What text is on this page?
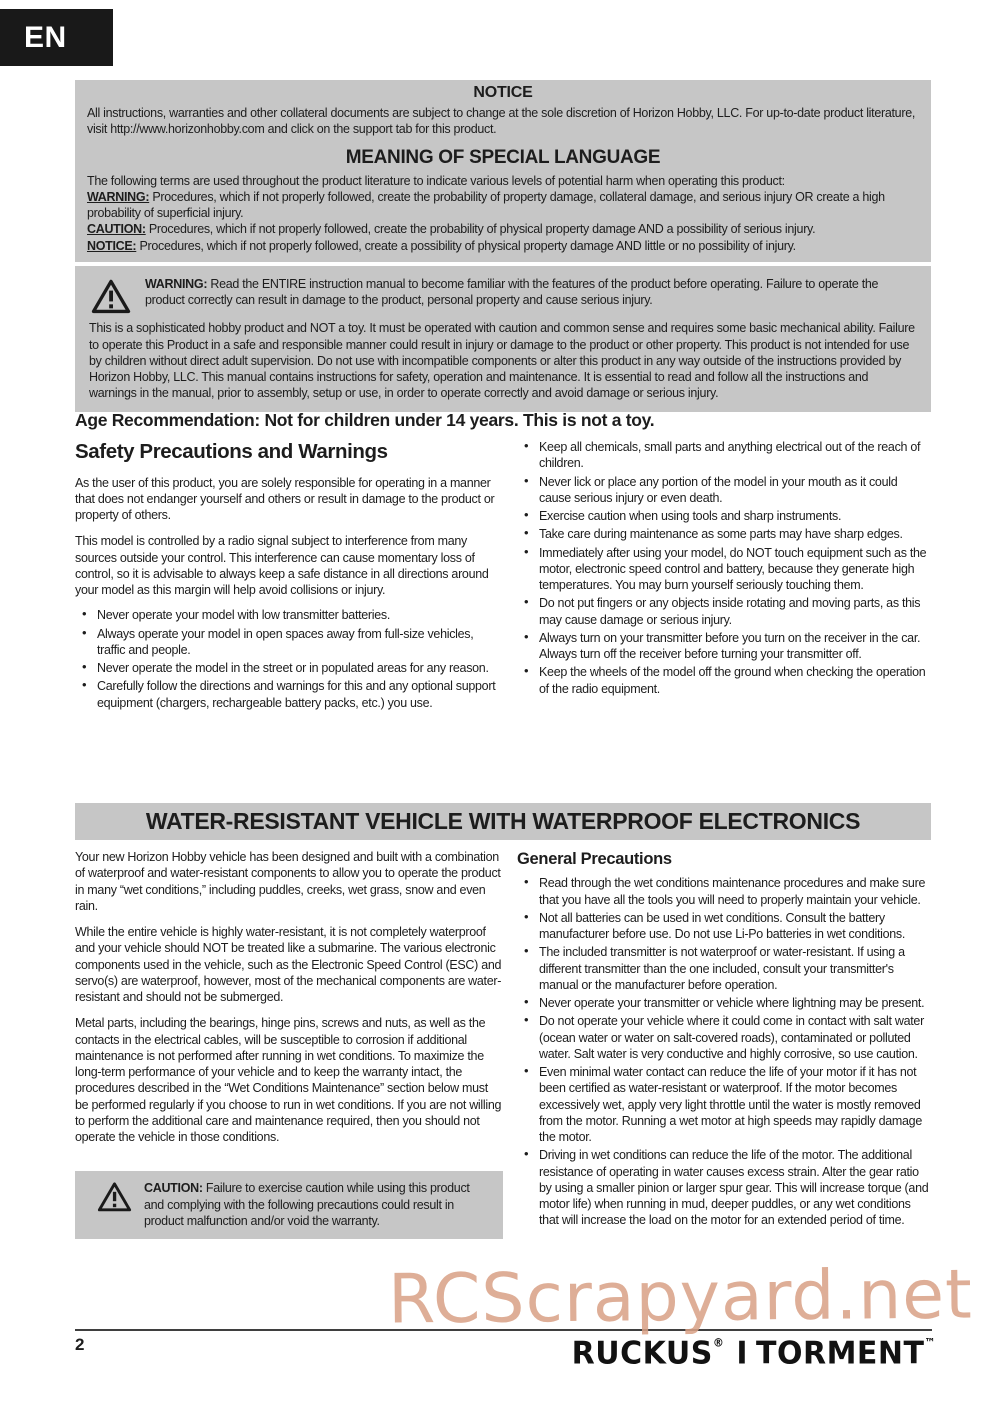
EN
NOTICE
All instructions, warranties and other collateral documents are subject to change at the sole discretion of Horizon Hobby, LLC. For up-to-date product literature, visit http://www.horizonhobby.com and click on the support tab for this product.
MEANING OF SPECIAL LANGUAGE
The following terms are used throughout the product literature to indicate various levels of potential harm when operating this product:
WARNING: Procedures, which if not properly followed, create the probability of property damage, collateral damage, and serious injury OR create a high probability of superficial injury.
CAUTION: Procedures, which if not properly followed, create the probability of physical property damage AND a possibility of serious injury.
NOTICE: Procedures, which if not properly followed, create a possibility of physical property damage AND little or no possibility of injury.
WARNING: Read the ENTIRE instruction manual to become familiar with the features of the product before operating. Failure to operate the product correctly can result in damage to the product, personal property and cause serious injury.
This is a sophisticated hobby product and NOT a toy. It must be operated with caution and common sense and requires some basic mechanical ability. Failure to operate this Product in a safe and responsible manner could result in injury or damage to the product or other property. This product is not intended for use by children without direct adult supervision. Do not use with incompatible components or alter this product in any way outside of the instructions provided by Horizon Hobby, LLC. This manual contains instructions for safety, operation and maintenance. It is essential to read and follow all the instructions and warnings in the manual, prior to assembly, setup or use, in order to operate correctly and avoid damage or serious injury.
Age Recommendation: Not for children under 14 years. This is not a toy.
Safety Precautions and Warnings
As the user of this product, you are solely responsible for operating in a manner that does not endanger yourself and others or result in damage to the product or property of others.
This model is controlled by a radio signal subject to interference from many sources outside your control. This interference can cause momentary loss of control, so it is advisable to always keep a safe distance in all directions around your model as this margin will help avoid collisions or injury.
• Never operate your model with low transmitter batteries.
• Always operate your model in open spaces away from full-size vehicles, traffic and people.
• Never operate the model in the street or in populated areas for any reason.
• Carefully follow the directions and warnings for this and any optional support equipment (chargers, rechargeable battery packs, etc.) you use.
• Keep all chemicals, small parts and anything electrical out of the reach of children.
• Never lick or place any portion of the model in your mouth as it could cause serious injury or even death.
• Exercise caution when using tools and sharp instruments.
• Take care during maintenance as some parts may have sharp edges.
• Immediately after using your model, do NOT touch equipment such as the motor, electronic speed control and battery, because they generate high temperatures. You may burn yourself seriously touching them.
• Do not put fingers or any objects inside rotating and moving parts, as this may cause damage or serious injury.
• Always turn on your transmitter before you turn on the receiver in the car. Always turn off the receiver before turning your transmitter off.
• Keep the wheels of the model off the ground when checking the operation of the radio equipment.
WATER-RESISTANT VEHICLE WITH WATERPROOF ELECTRONICS
Your new Horizon Hobby vehicle has been designed and built with a combination of waterproof and water-resistant components to allow you to operate the product in many “wet conditions,” including puddles, creeks, wet grass, snow and even rain.
While the entire vehicle is highly water-resistant, it is not completely waterproof and your vehicle should NOT be treated like a submarine. The various electronic components used in the vehicle, such as the Electronic Speed Control (ESC) and servo(s) are waterproof, however, most of the mechanical components are water-resistant and should not be submerged.
Metal parts, including the bearings, hinge pins, screws and nuts, as well as the contacts in the electrical cables, will be susceptible to corrosion if additional maintenance is not performed after running in wet conditions. To maximize the long-term performance of your vehicle and to keep the warranty intact, the procedures described in the “Wet Conditions Maintenance” section below must be performed regularly if you choose to run in wet conditions. If you are not willing to perform the additional care and maintenance required, then you should not operate the vehicle in those conditions.
CAUTION: Failure to exercise caution while using this product and complying with the following precautions could result in product malfunction and/or void the warranty.
General Precautions
• Read through the wet conditions maintenance procedures and make sure that you have all the tools you will need to properly maintain your vehicle.
• Not all batteries can be used in wet conditions. Consult the battery manufacturer before use. Do not use Li-Po batteries in wet conditions.
• The included transmitter is not waterproof or water-resistant. If using a different transmitter than the one included, consult your transmitter's manual or the manufacturer before operation.
• Never operate your transmitter or vehicle where lightning may be present.
• Do not operate your vehicle where it could come in contact with salt water (ocean water or water on salt-covered roads), contaminated or polluted water. Salt water is very conductive and highly corrosive, so use caution.
• Even minimal water contact can reduce the life of your motor if it has not been certified as water-resistant or waterproof. If the motor becomes excessively wet, apply very light throttle until the water is mostly removed from the motor. Running a wet motor at high speeds may rapidly damage the motor.
• Driving in wet conditions can reduce the life of the motor. The additional resistance of operating in water causes excess strain. Alter the gear ratio by using a smaller pinion or larger spur gear. This will increase torque (and motor life) when running in mud, deeper puddles, or any wet conditions that will increase the load on the motor for an extended period of time.
RCScrapyard.net
2	RUCKUS® I TORMENT™
